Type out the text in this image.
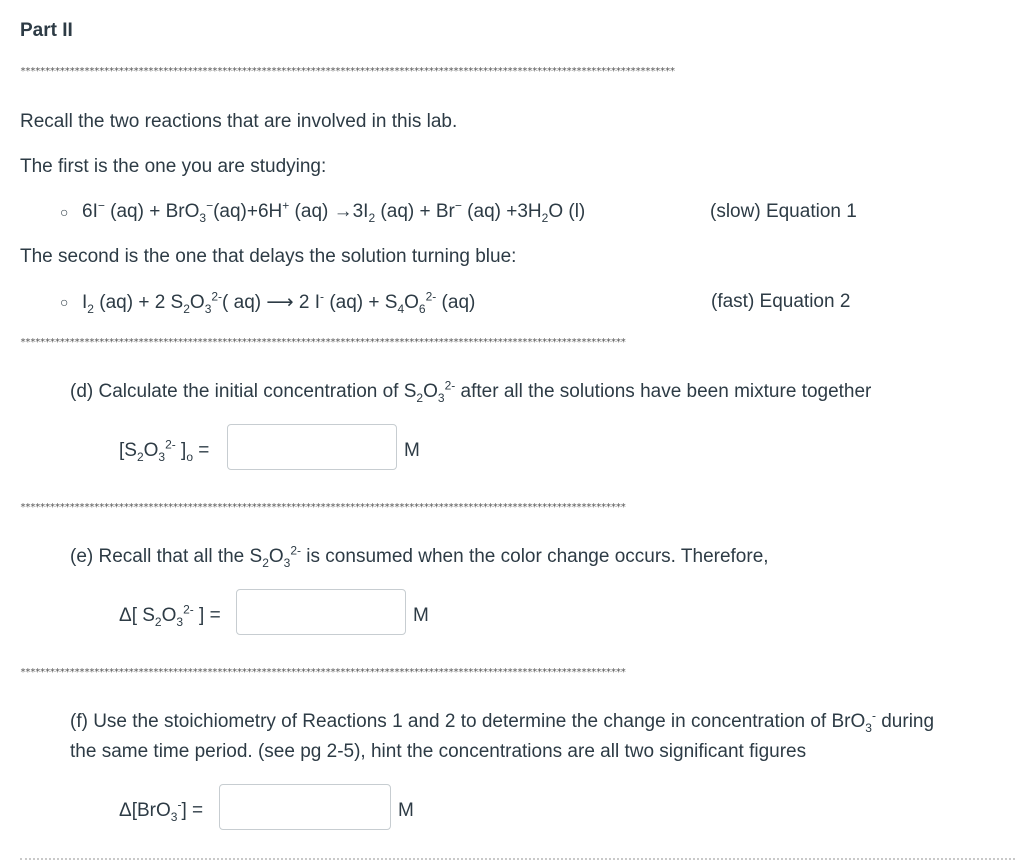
Part II
*************************************************************************************************************************************
Recall the two reactions that are involved in this lab.
The first is the one you are studying:
○ 6I− (aq) + BrO$_3$−(aq)+6H+ $(aq) \to 3I_2$ (aq) + Br− $(aq) +3H_2O$ (l)	(slow) Equation 1
The second is the one that delays the solution turning blue:
○ $I_2$ (aq) + 2 $S_2O_3^{2-}$( aq) ⟶ 2 I- $(aq) + S_4O_6^{2-}$ (aq)	(fast) Equation 2
***************************************************************************************************************************
(d) Calculate the initial concentration of $S_2O_3^{2-}$ after all the solutions have been mixture together
[$S_2O_3^{2-}$ ]$_o$ =	M
***************************************************************************************************************************
(e) Recall that all the $S_2O_3^{2-}$ is consumed when the color change occurs. Therefore,
Δ[ $S_2O_3^{2-}$ ] =	M
***************************************************************************************************************************
(f) Use the stoichiometry of Reactions 1 and 2 to determine the change in concentration of BrO$_3$- during
the same time period. (see pg 2-5), hint the concentrations are all two significant figures
Δ[BrO$_3$-] =	M
